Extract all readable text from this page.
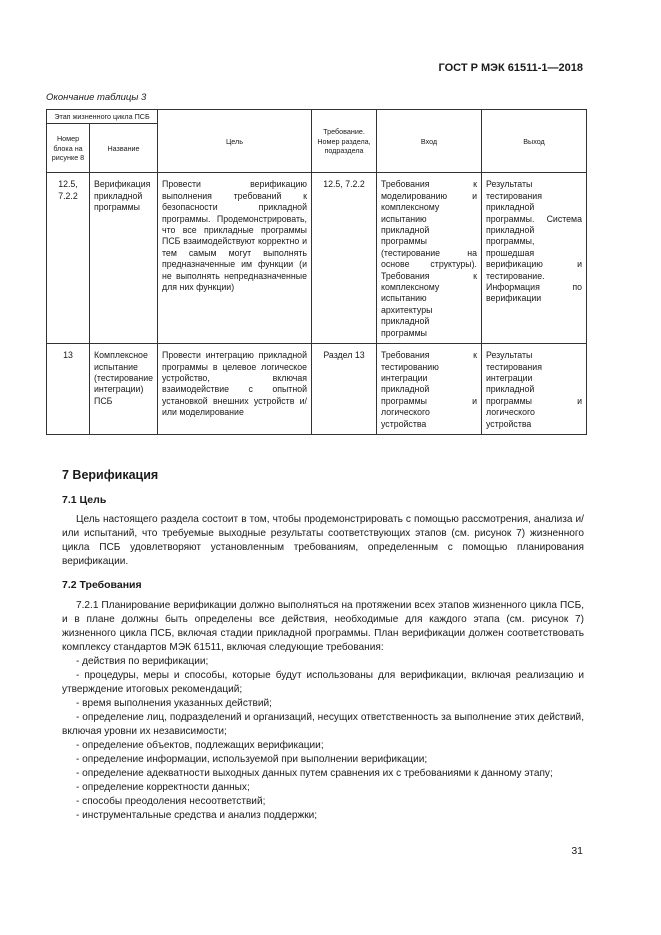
ГОСТ Р МЭК 61511-1—2018
Окончание таблицы 3
Этап жизненного цикла ПСБ		Цель	Требование. Номер раздела, подраздела	Вход	Выход
Номер блока на рисунке 8	Название				
12.5, 7.2.2	Верификация прикладной программы	Провести верификацию выполнения требований к безопасности прикладной программы. Продемонстрировать, что все прикладные программы ПСБ взаимодействуют корректно и тем самым могут выполнять предназначенные им функции (и не выполнять непредназначенные для них функции)	12.5, 7.2.2	Требования к моделированию и комплексному испытанию прикладной программы (тестирование на основе структуры). Требования к комплексному испытанию архитектуры прикладной программы	Результаты тестирования прикладной программы. Система прикладной программы, прошедшая верификацию и тестирование. Информация по верификации
13	Комплексное испытание (тестирование интеграции) ПСБ	Провести интеграцию прикладной программы в целевое логическое устройство, включая взаимодействие с опытной установкой внешних устройств и/или моделирование	Раздел 13	Требования к тестированию интеграции прикладной программы и логического устройства	Результаты тестирования интеграции прикладной программы и логического устройства
7 Верификация
7.1 Цель
Цель настоящего раздела состоит в том, чтобы продемонстрировать с помощью рассмотрения, анализа и/или испытаний, что требуемые выходные результаты соответствующих этапов (см. рисунок 7) жизненного цикла ПСБ удовлетворяют установленным требованиям, определенным с помощью планирования верификации.
7.2 Требования
7.2.1 Планирование верификации должно выполняться на протяжении всех этапов жизненного цикла ПСБ, и в плане должны быть определены все действия, необходимые для каждого этапа (см. рисунок 7) жизненного цикла ПСБ, включая стадии прикладной программы. План верификации должен соответствовать комплексу стандартов МЭК 61511, включая следующие требования:
- действия по верификации;
- процедуры, меры и способы, которые будут использованы для верификации, включая реализацию и утверждение итоговых рекомендаций;
- время выполнения указанных действий;
- определение лиц, подразделений и организаций, несущих ответственность за выполнение этих действий, включая уровни их независимости;
- определение объектов, подлежащих верификации;
- определение информации, используемой при выполнении верификации;
- определение адекватности выходных данных путем сравнения их с требованиями к данному этапу;
- определение корректности данных;
- способы преодоления несоответствий;
- инструментальные средства и анализ поддержки;
31
